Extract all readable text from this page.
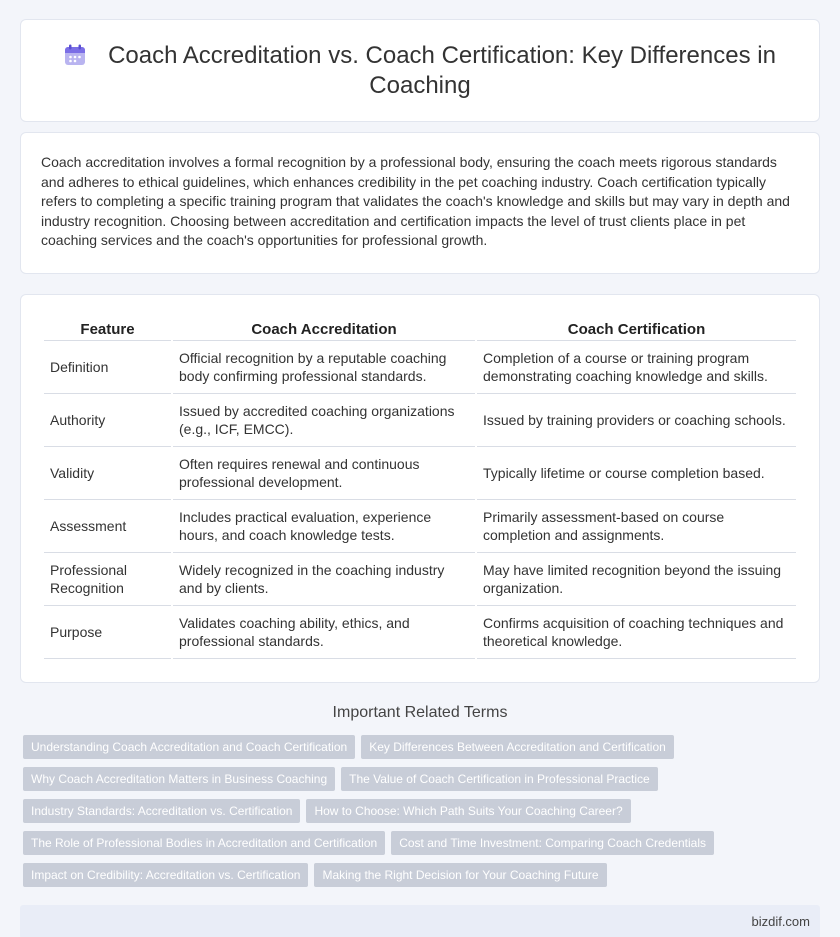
Coach Accreditation vs. Coach Certification: Key Differences in Coaching
Coach accreditation involves a formal recognition by a professional body, ensuring the coach meets rigorous standards and adheres to ethical guidelines, which enhances credibility in the pet coaching industry. Coach certification typically refers to completing a specific training program that validates the coach's knowledge and skills but may vary in depth and industry recognition. Choosing between accreditation and certification impacts the level of trust clients place in pet coaching services and the coach's opportunities for professional growth.
Feature	Coach Accreditation	Coach Certification
Definition	Official recognition by a reputable coaching body confirming professional standards.	Completion of a course or training program demonstrating coaching knowledge and skills.
Authority	Issued by accredited coaching organizations (e.g., ICF, EMCC).	Issued by training providers or coaching schools.
Validity	Often requires renewal and continuous professional development.	Typically lifetime or course completion based.
Assessment	Includes practical evaluation, experience hours, and coach knowledge tests.	Primarily assessment-based on course completion and assignments.
Professional Recognition	Widely recognized in the coaching industry and by clients.	May have limited recognition beyond the issuing organization.
Purpose	Validates coaching ability, ethics, and professional standards.	Confirms acquisition of coaching techniques and theoretical knowledge.
Important Related Terms
Understanding Coach Accreditation and Coach Certification	Key Differences Between Accreditation and Certification
Why Coach Accreditation Matters in Business Coaching	The Value of Coach Certification in Professional Practice
Industry Standards: Accreditation vs. Certification	How to Choose: Which Path Suits Your Coaching Career?
The Role of Professional Bodies in Accreditation and Certification	Cost and Time Investment: Comparing Coach Credentials
Impact on Credibility: Accreditation vs. Certification	Making the Right Decision for Your Coaching Future
bizdif.com
